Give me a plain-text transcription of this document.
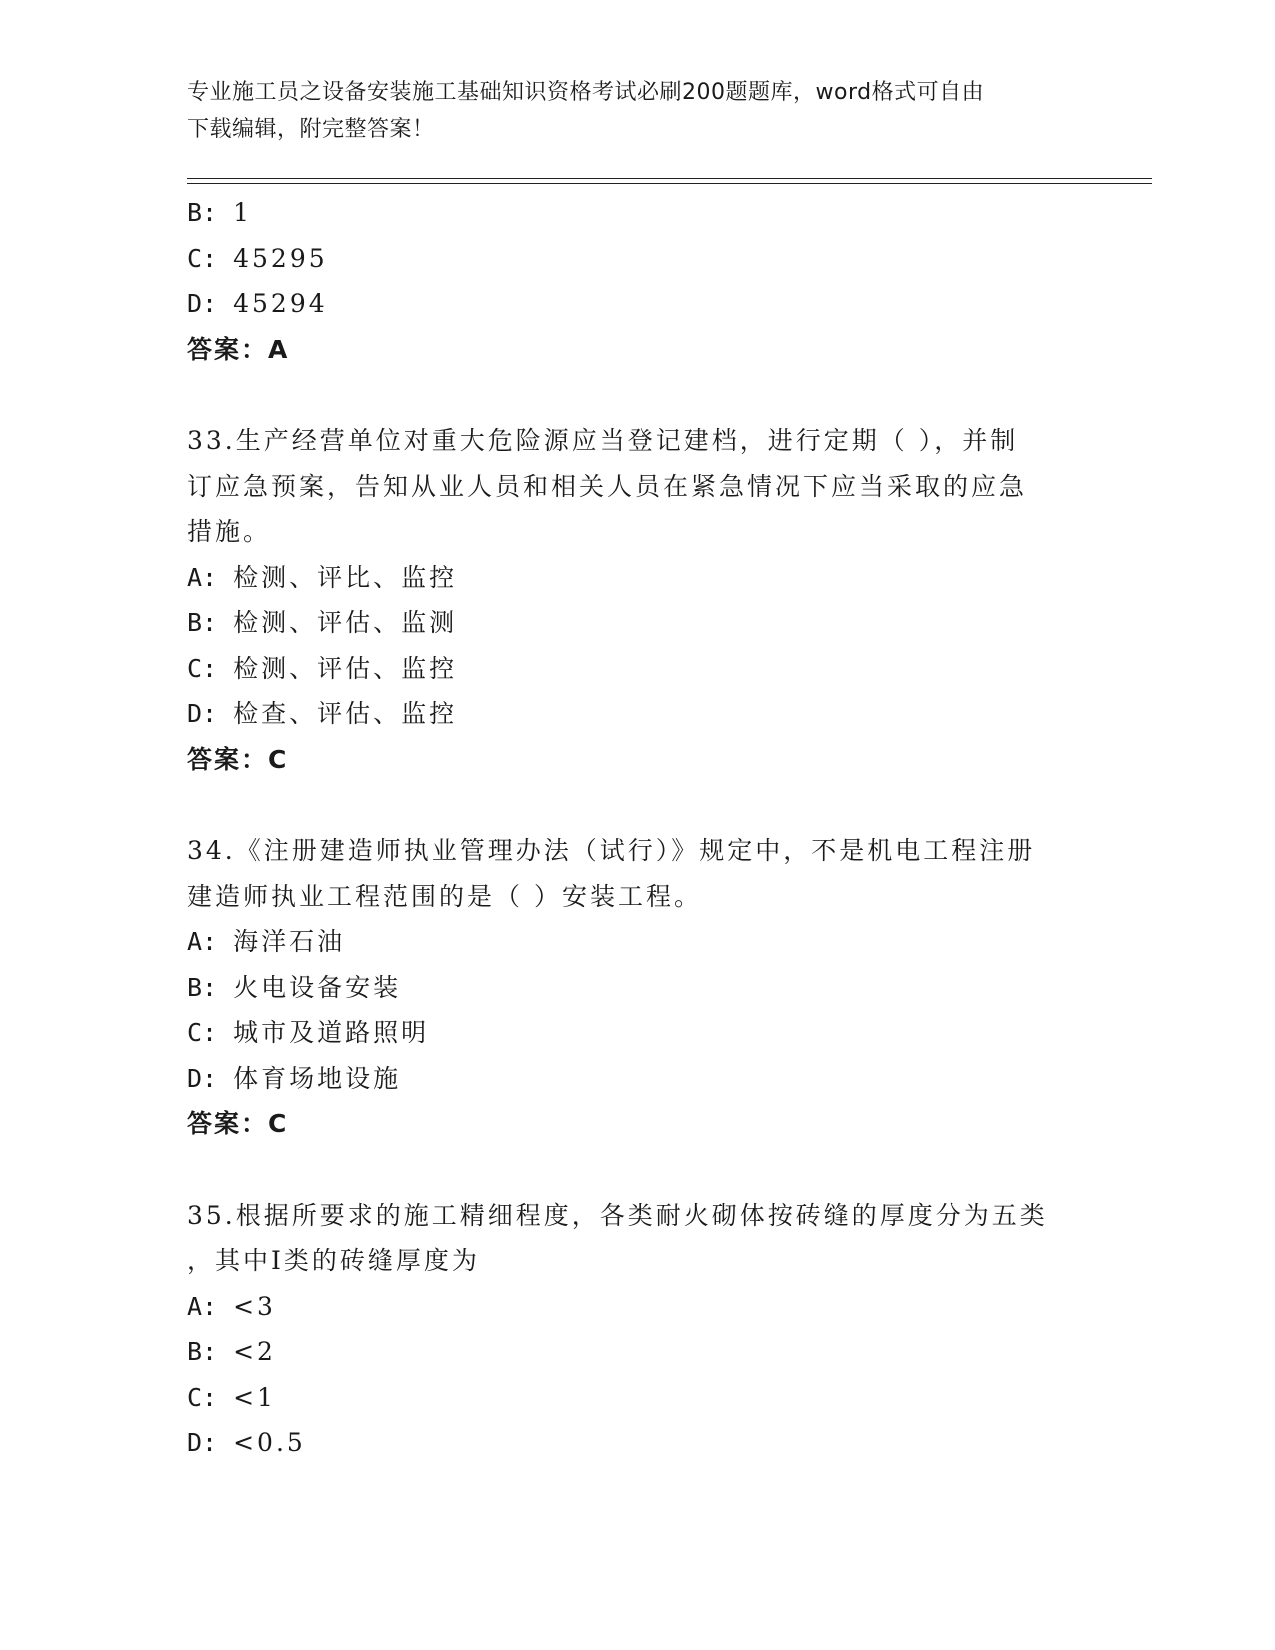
专业施工员之设备安装施工基础知识资格考试必刷200题题库，word格式可自由
下载编辑，附完整答案！
B: 1
C: 45295
D: 45294
答案：A
33.生产经营单位对重大危险源应当登记建档，进行定期（ ），并制
订应急预案，告知从业人员和相关人员在紧急情况下应当采取的应急
措施。
A: 检测、评比、监控
B: 检测、评估、监测
C: 检测、评估、监控
D: 检查、评估、监控
答案：C
34.《注册建造师执业管理办法（试行）》规定中，不是机电工程注册
建造师执业工程范围的是（ ）安装工程。
A: 海洋石油
B: 火电设备安装
C: 城市及道路照明
D: 体育场地设施
答案：C
35.根据所要求的施工精细程度，各类耐火砌体按砖缝的厚度分为五类
，其中I类的砖缝厚度为
A: <3
B: <2
C: <1
D: <0.5
